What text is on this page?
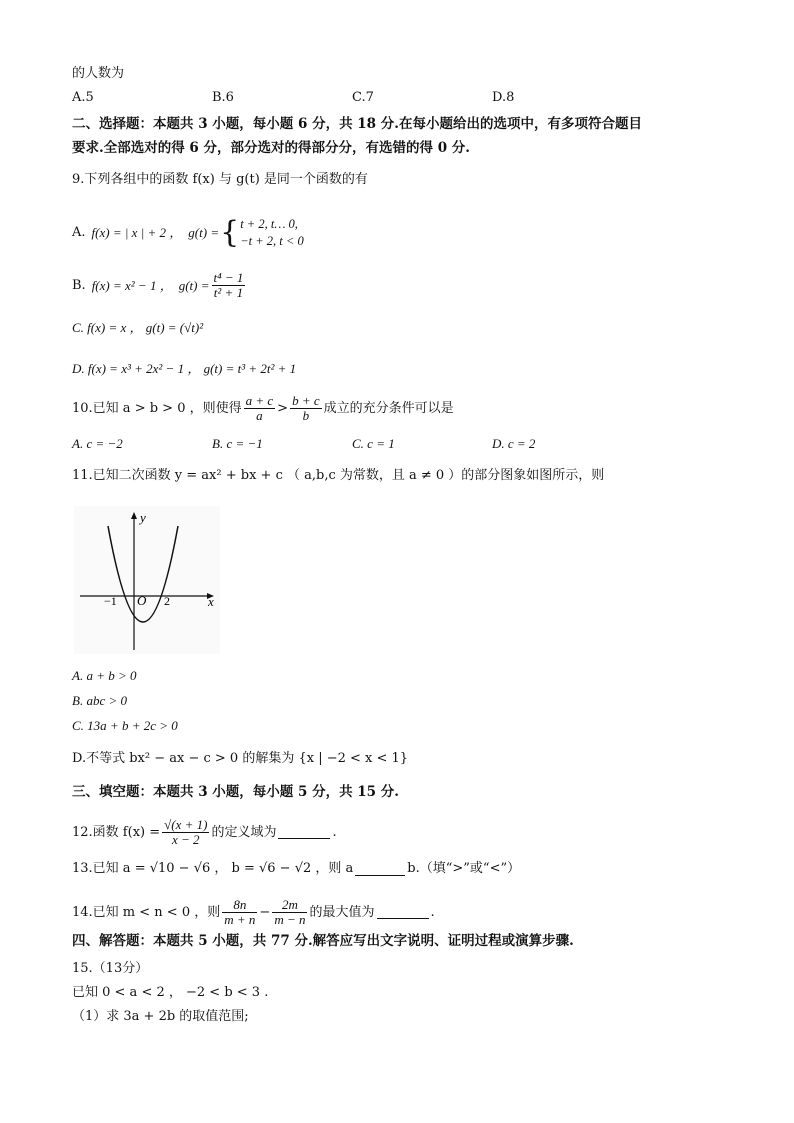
的人数为
A.5	B.6	C.7	D.8
二、选择题：本题共 3 小题，每小题 6 分，共 18 分.在每小题给出的选项中，有多项符合题目
要求.全部选对的得 6 分，部分选对的得部分分，有选错的得 0 分.
9.下列各组中的函数 f(x) 与 g(t) 是同一个函数的有
A. f(x) = | x | + 2 ， g(t) = { t + 2, t… 0,
−t + 2, t < 0
B. f(x) = x² − 1 ， $g(t) = \frac{\text{t⁴ − 1}}{\text{t² + 1}}$
C. f(x) = x ， g(t) = (√t)²
D. f(x) = x³ + 2x² − 1 ， g(t) = t³ + 2t² + 1
10.已知 a > b > 0 ，则使得 $\frac{a + c}{a} > \frac{b + c}{b}$ 成立的充分条件可以是
A. c = −2	B. c = −1	C. c = 1	D. c = 2
11.已知二次函数 y = ax² + bx + c （ a,b,c 为常数，且 a ≠ 0 ）的部分图象如图所示，则
y
x
O
−1	2
A. a + b > 0
B. abc > 0
C. 13a + b + 2c > 0
D.不等式 bx² − ax − c > 0 的解集为 {x | −2 < x < 1}
三、填空题：本题共 3 小题，每小题 5 分，共 15 分.
12.函数 $f(x) = \frac{√(x + 1)}{x - 2}$ 的定义域为	.
13.已知 a = √10 − √6 ， b = √6 − √2 ，则 a	b.（填“>”或“<”）
14.已知 m < n < 0 ，则 $\frac{8n}{m + n} - \frac{2m}{m - n}$ 的最大值为	.
四、解答题：本题共 5 小题，共 77 分.解答应写出文字说明、证明过程或演算步骤.
15.（13分）
已知 0 < a < 2 ， −2 < b < 3 .
（1）求 3a + 2b 的取值范围;
